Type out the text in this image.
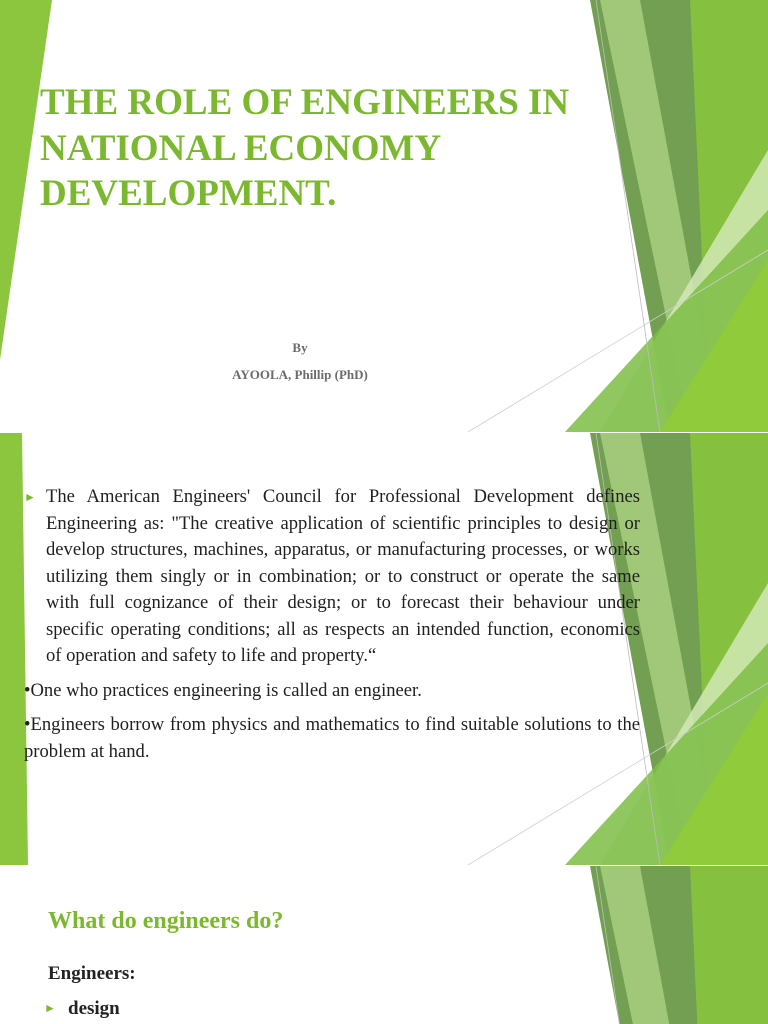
THE ROLE OF ENGINEERS IN NATIONAL ECONOMY DEVELOPMENT.
By
AYOOLA, Phillip (PhD)

► The American Engineers' Council for Professional Development defines Engineering as: "The creative application of scientific principles to design or develop structures, machines, apparatus, or manufacturing processes, or works utilizing them singly or in combination; or to construct or operate the same with full cognizance of their design; or to forecast their behaviour under specific operating conditions; all as respects an intended function, economics of operation and safety to life and property.“

•One who practices engineering is called an engineer.

•Engineers borrow from physics and mathematics to find suitable solutions to the problem at hand.

What do engineers do?

Engineers:

► design
